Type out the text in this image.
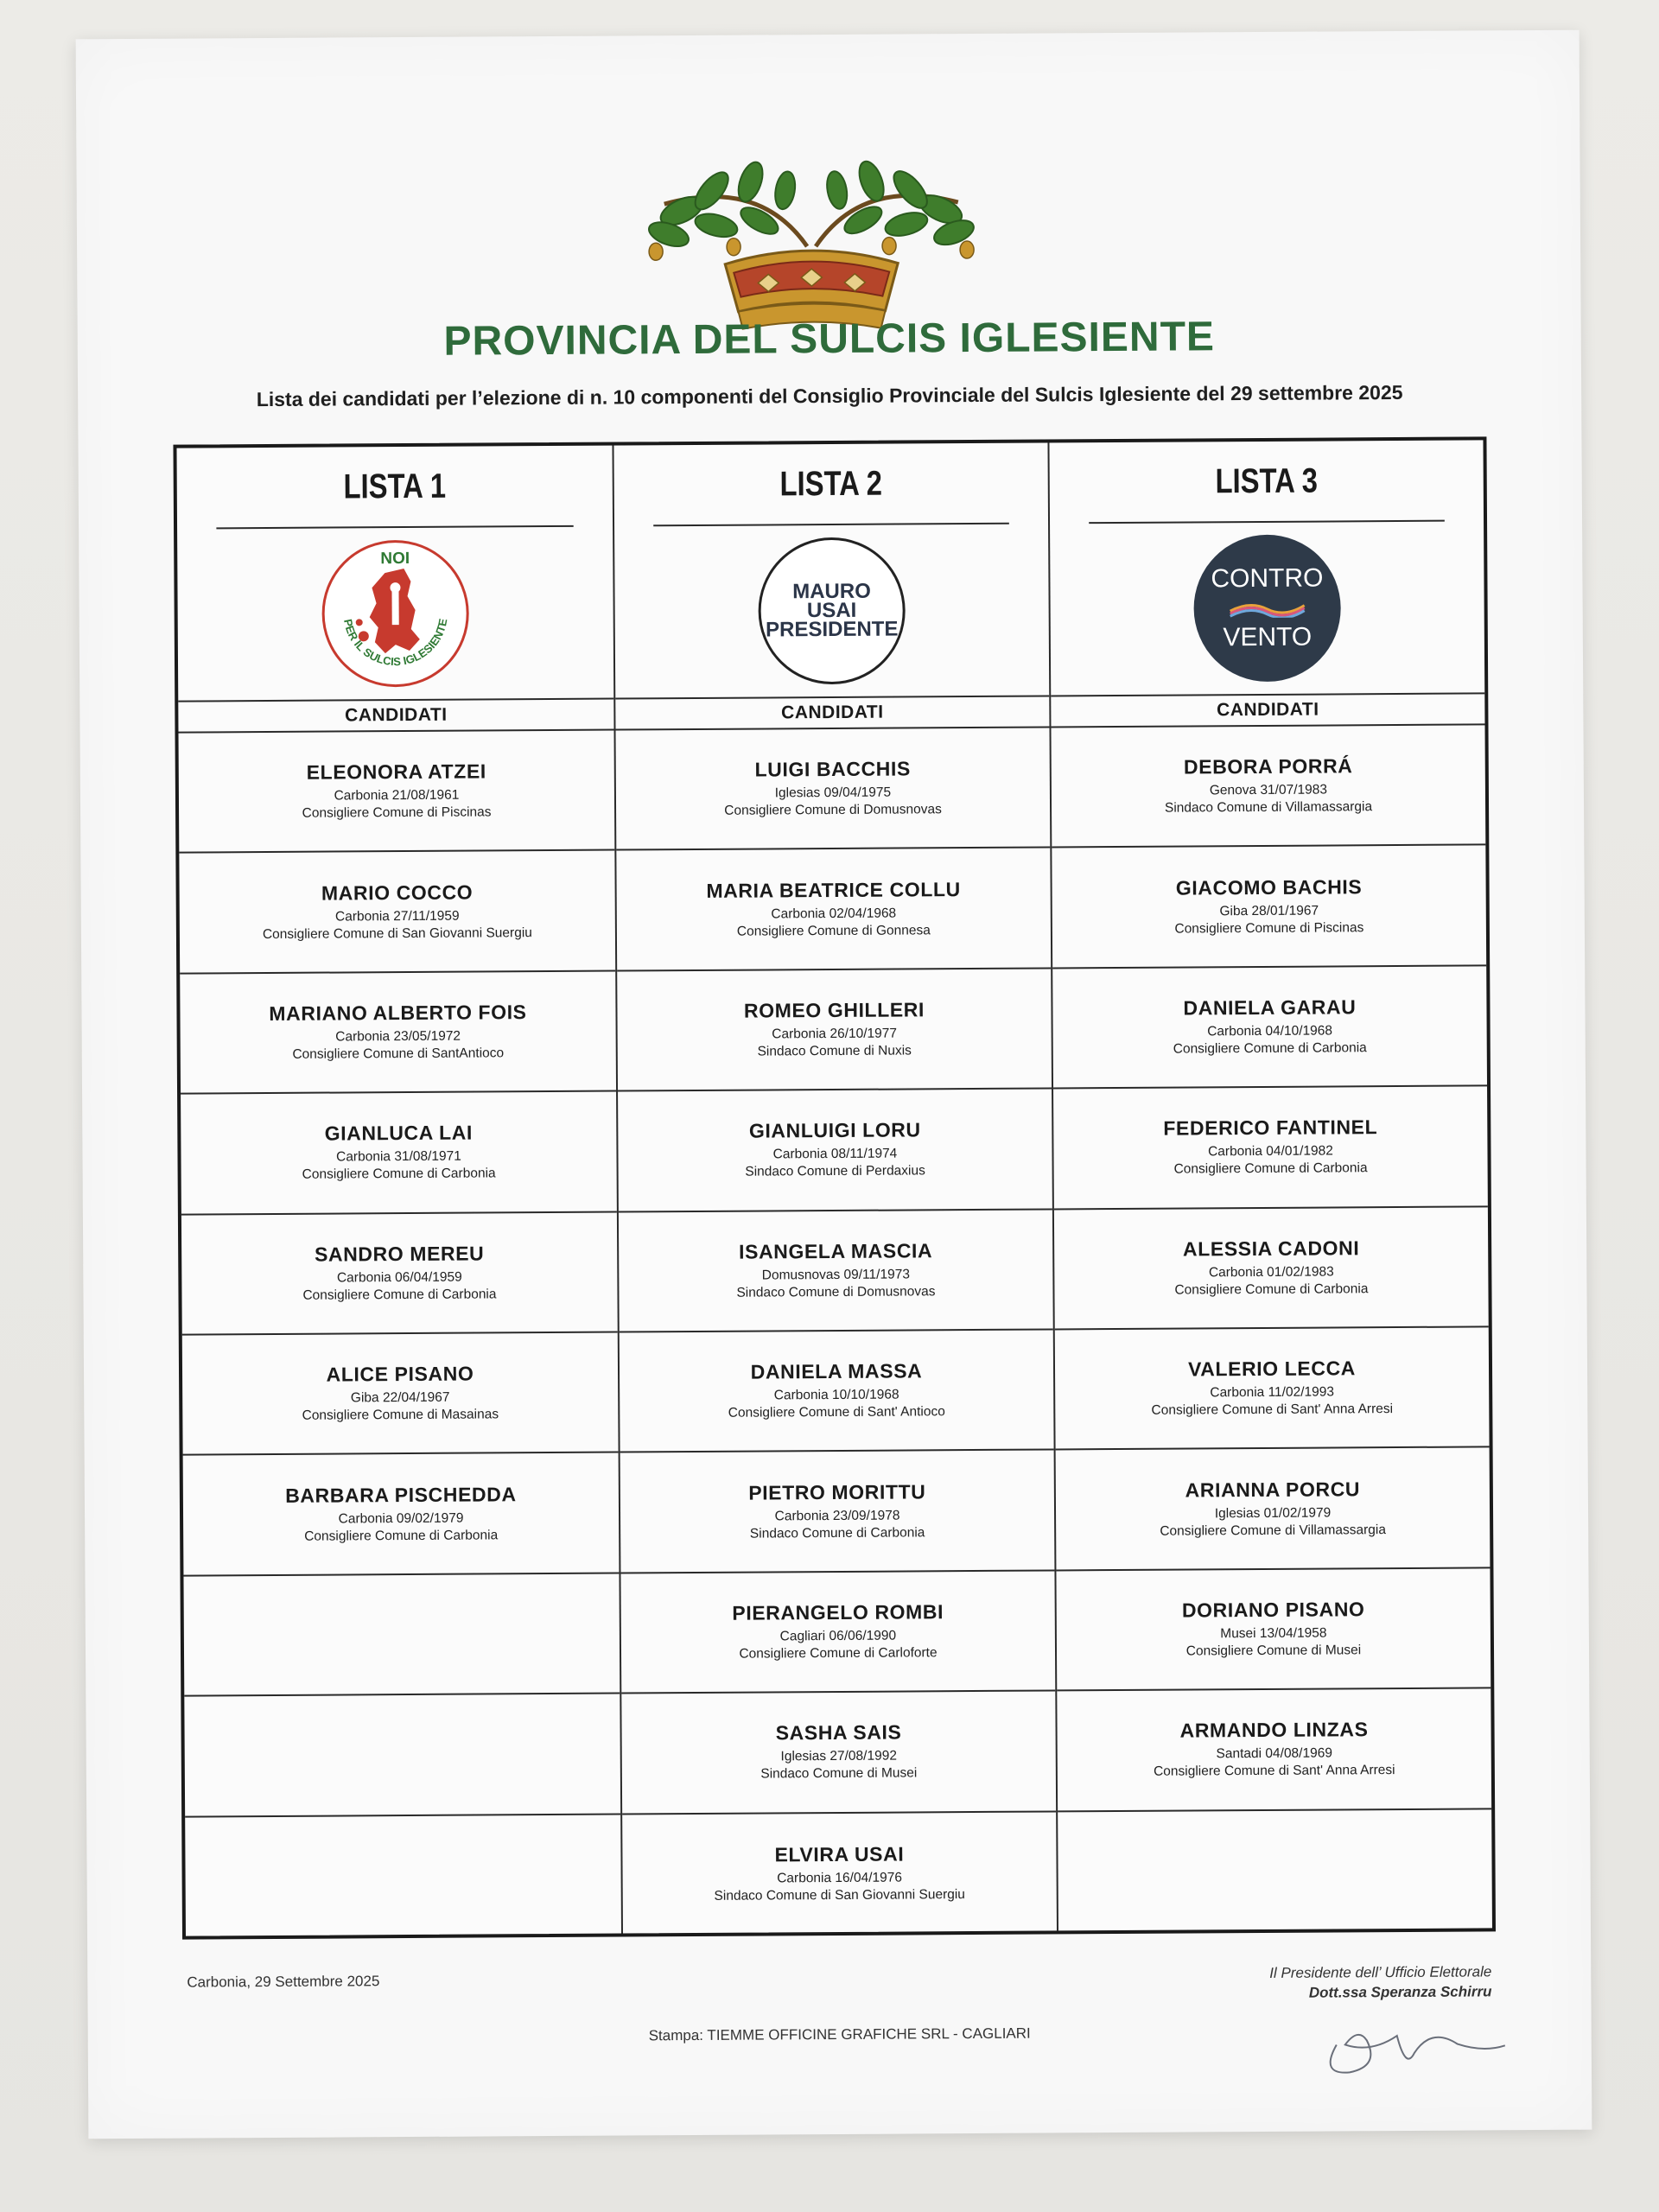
PROVINCIA DEL SULCIS IGLESIENTE

Lista dei candidati per l’elezione di n. 10 componenti del Consiglio Provinciale del Sulcis Iglesiente del 29 settembre 2025

LISTA 1
PER IL SULCIS IGLESIENTE
NOI
CANDIDATI
ELEONORA ATZEI
Carbonia 21/08/1961
Consigliere Comune di Piscinas
MARIO COCCO
Carbonia 27/11/1959
Consigliere Comune di San Giovanni Suergiu
MARIANO ALBERTO FOIS
Carbonia 23/05/1972
Consigliere Comune di SantAntioco
GIANLUCA LAI
Carbonia 31/08/1971
Consigliere Comune di Carbonia
SANDRO MEREU
Carbonia 06/04/1959
Consigliere Comune di Carbonia
ALICE PISANO
Giba 22/04/1967
Consigliere Comune di Masainas
BARBARA PISCHEDDA
Carbonia 09/02/1979
Consigliere Comune di Carbonia
LISTA 2
MAURO
USAI
PRESIDENTE
CANDIDATI
LUIGI BACCHIS
Iglesias 09/04/1975
Consigliere Comune di Domusnovas
MARIA BEATRICE COLLU
Carbonia 02/04/1968
Consigliere Comune di Gonnesa
ROMEO GHILLERI
Carbonia 26/10/1977
Sindaco Comune di Nuxis
GIANLUIGI LORU
Carbonia 08/11/1974
Sindaco Comune di Perdaxius
ISANGELA MASCIA
Domusnovas 09/11/1973
Sindaco Comune di Domusnovas
DANIELA MASSA
Carbonia 10/10/1968
Consigliere Comune di Sant' Antioco
PIETRO MORITTU
Carbonia 23/09/1978
Sindaco Comune di Carbonia
PIERANGELO ROMBI
Cagliari 06/06/1990
Consigliere Comune di Carloforte
SASHA SAIS
Iglesias 27/08/1992
Sindaco Comune di Musei
ELVIRA USAI
Carbonia 16/04/1976
Sindaco Comune di San Giovanni Suergiu
LISTA 3
CONTRO
VENTO
CANDIDATI
DEBORA PORRÁ
Genova 31/07/1983
Sindaco Comune di Villamassargia
GIACOMO BACHIS
Giba 28/01/1967
Consigliere Comune di Piscinas
DANIELA GARAU
Carbonia 04/10/1968
Consigliere Comune di Carbonia
FEDERICO FANTINEL
Carbonia 04/01/1982
Consigliere Comune di Carbonia
ALESSIA CADONI
Carbonia 01/02/1983
Consigliere Comune di Carbonia
VALERIO LECCA
Carbonia 11/02/1993
Consigliere Comune di Sant' Anna Arresi
ARIANNA PORCU
Iglesias 01/02/1979
Consigliere Comune di Villamassargia
DORIANO PISANO
Musei 13/04/1958
Consigliere Comune di Musei
ARMANDO LINZAS
Santadi 04/08/1969
Consigliere Comune di Sant' Anna Arresi
Carbonia, 29 Settembre 2025
Il Presidente dell’ Ufficio Elettorale
Dott.ssa Speranza Schirru
Stampa: TIEMME OFFICINE GRAFICHE SRL - CAGLIARI
